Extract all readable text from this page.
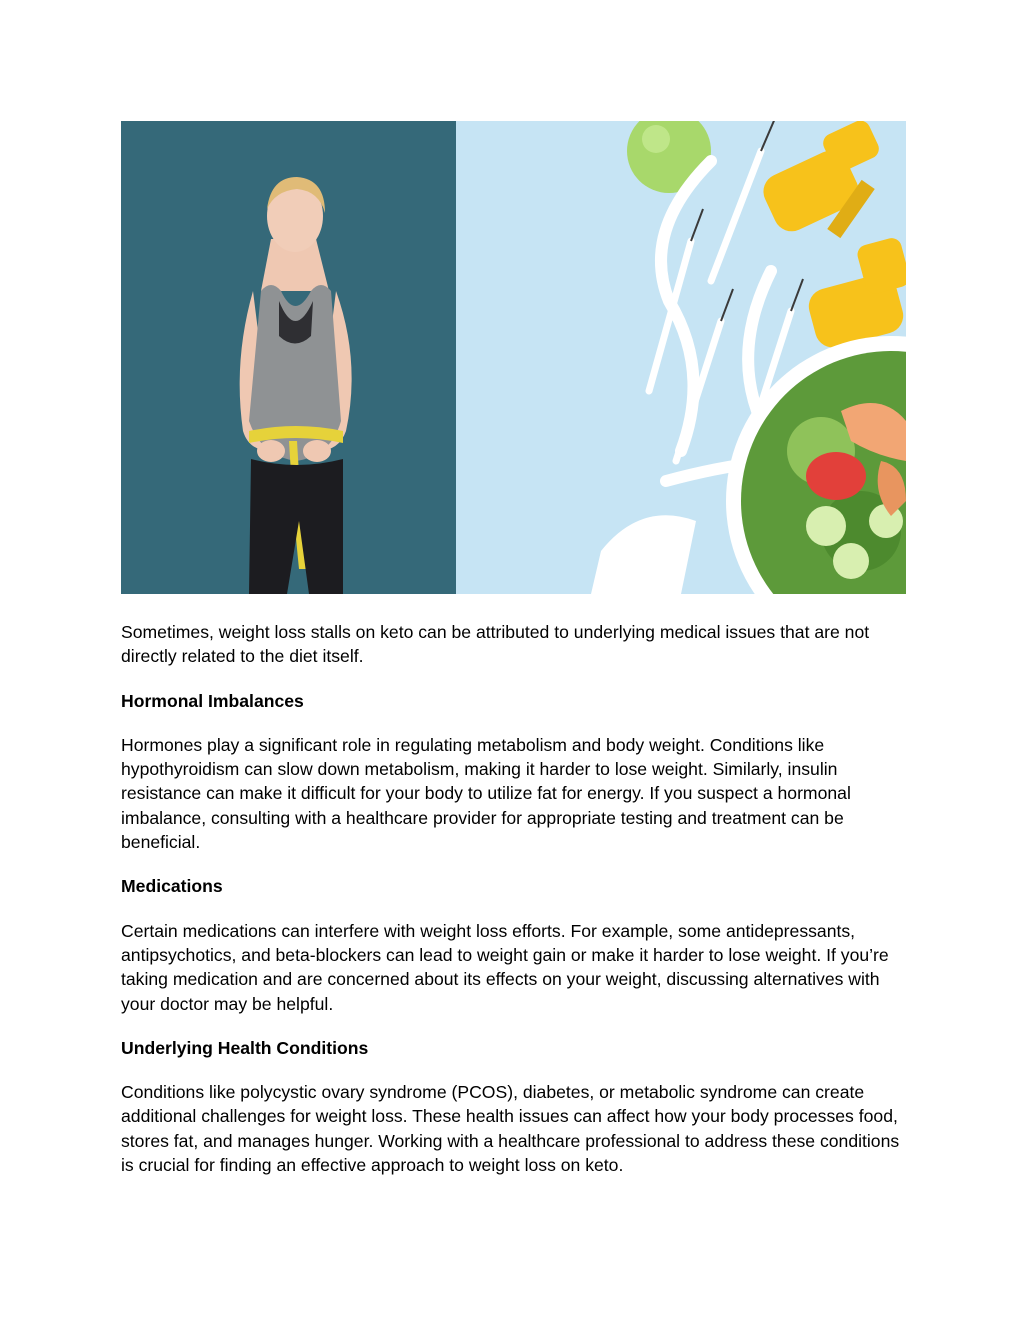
Sometimes, weight loss stalls on keto can be attributed to underlying medical issues that are not directly related to the diet itself.

Hormonal Imbalances

Hormones play a significant role in regulating metabolism and body weight. Conditions like hypothyroidism can slow down metabolism, making it harder to lose weight. Similarly, insulin resistance can make it difficult for your body to utilize fat for energy. If you suspect a hormonal imbalance, consulting with a healthcare provider for appropriate testing and treatment can be beneficial.

Medications

Certain medications can interfere with weight loss efforts. For example, some antidepressants, antipsychotics, and beta-blockers can lead to weight gain or make it harder to lose weight. If you’re taking medication and are concerned about its effects on your weight, discussing alternatives with your doctor may be helpful.

Underlying Health Conditions

Conditions like polycystic ovary syndrome (PCOS), diabetes, or metabolic syndrome can create additional challenges for weight loss. These health issues can affect how your body processes food, stores fat, and manages hunger. Working with a healthcare professional to address these conditions is crucial for finding an effective approach to weight loss on keto.
